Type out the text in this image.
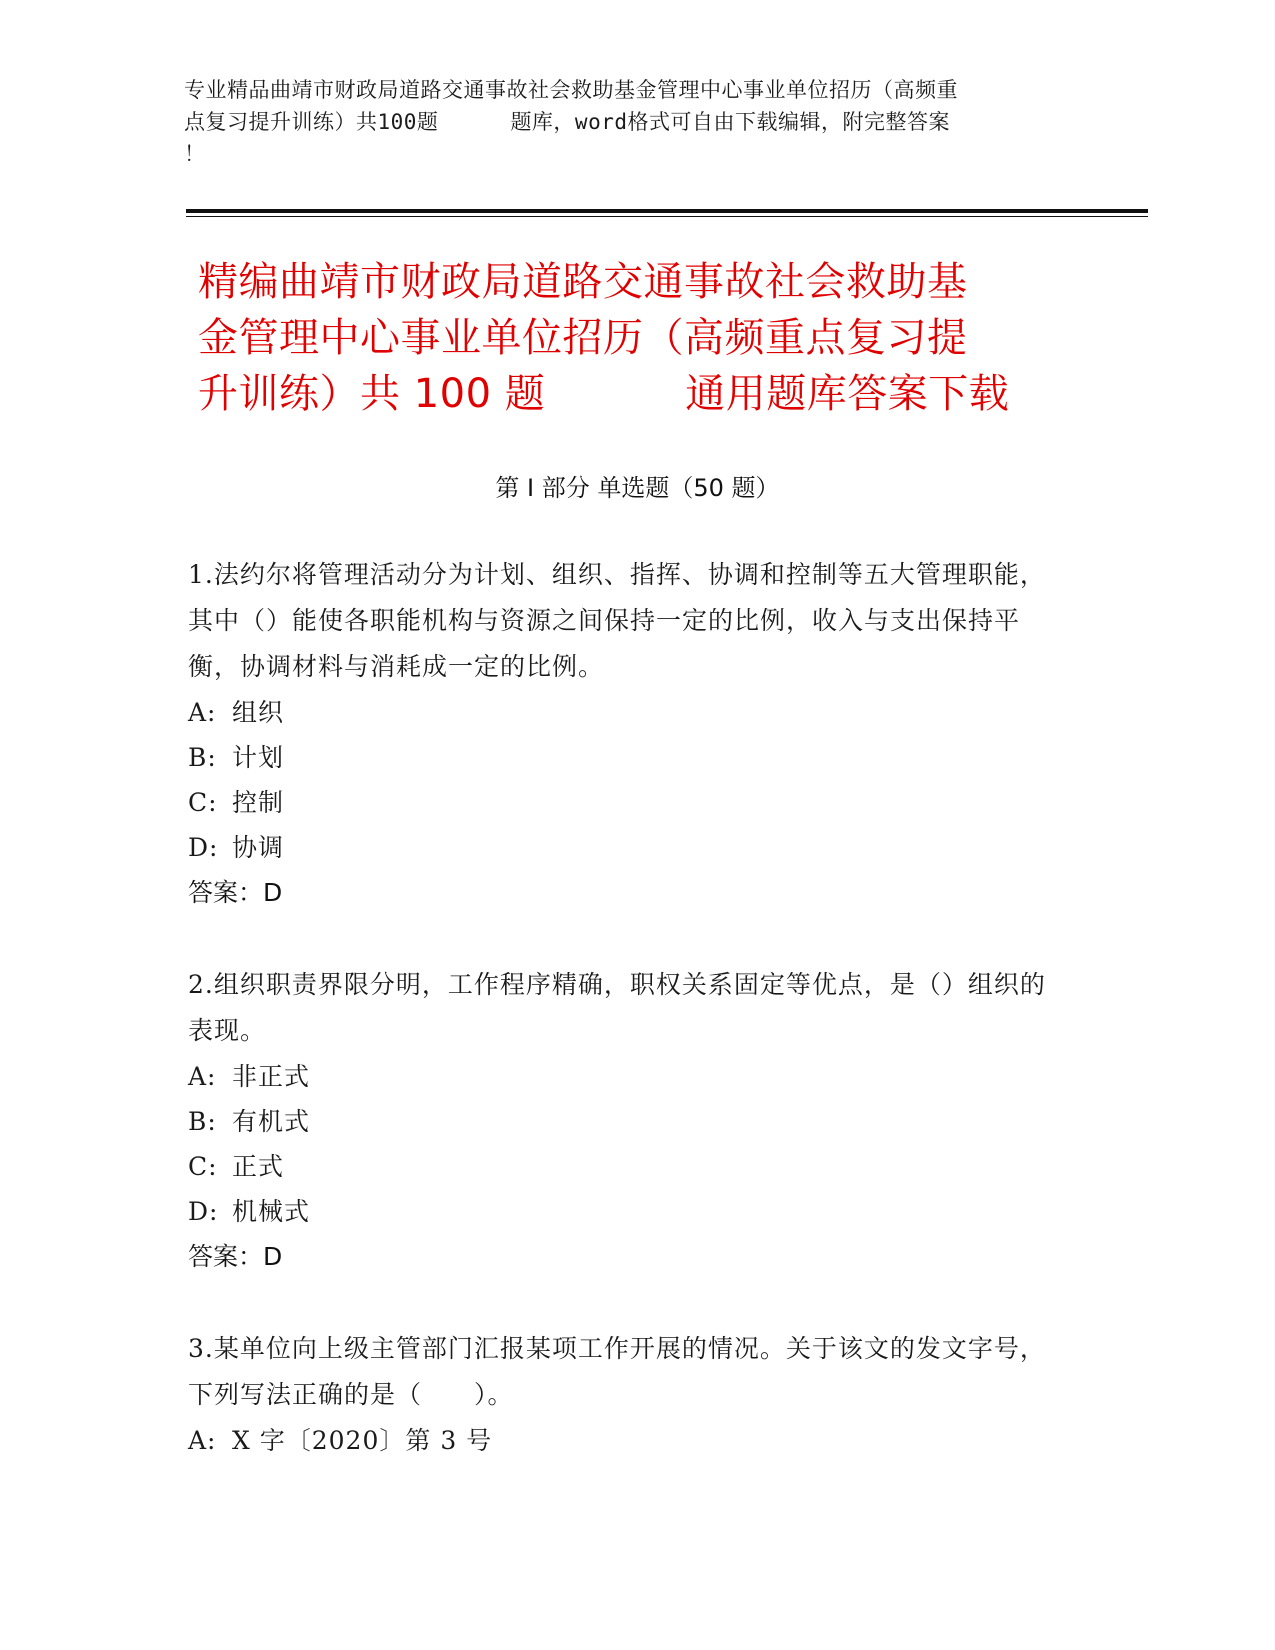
专业精品曲靖市财政局道路交通事故社会救助基金管理中心事业单位招历（高频重
点复习提升训练）共100题	题库，word格式可自由下载编辑，附完整答案
！
精编曲靖市财政局道路交通事故社会救助基
金管理中心事业单位招历（高频重点复习提
升训练）共 100 题	通用题库答案下载
第 I 部分 单选题（50 题）
1.法约尔将管理活动分为计划、组织、指挥、协调和控制等五大管理职能，其中（）能使各职能机构与资源之间保持一定的比例，收入与支出保持平衡，协调材料与消耗成一定的比例。
A: 组织
B: 计划
C: 控制
D: 协调
答案：D
2.组织职责界限分明，工作程序精确，职权关系固定等优点，是（）组织的表现。
A: 非正式
B: 有机式
C: 正式
D: 机械式
答案：D
3.某单位向上级主管部门汇报某项工作开展的情况。关于该文的发文字号，下列写法正确的是（　　）。
A: X 字〔2020〕第 3 号
